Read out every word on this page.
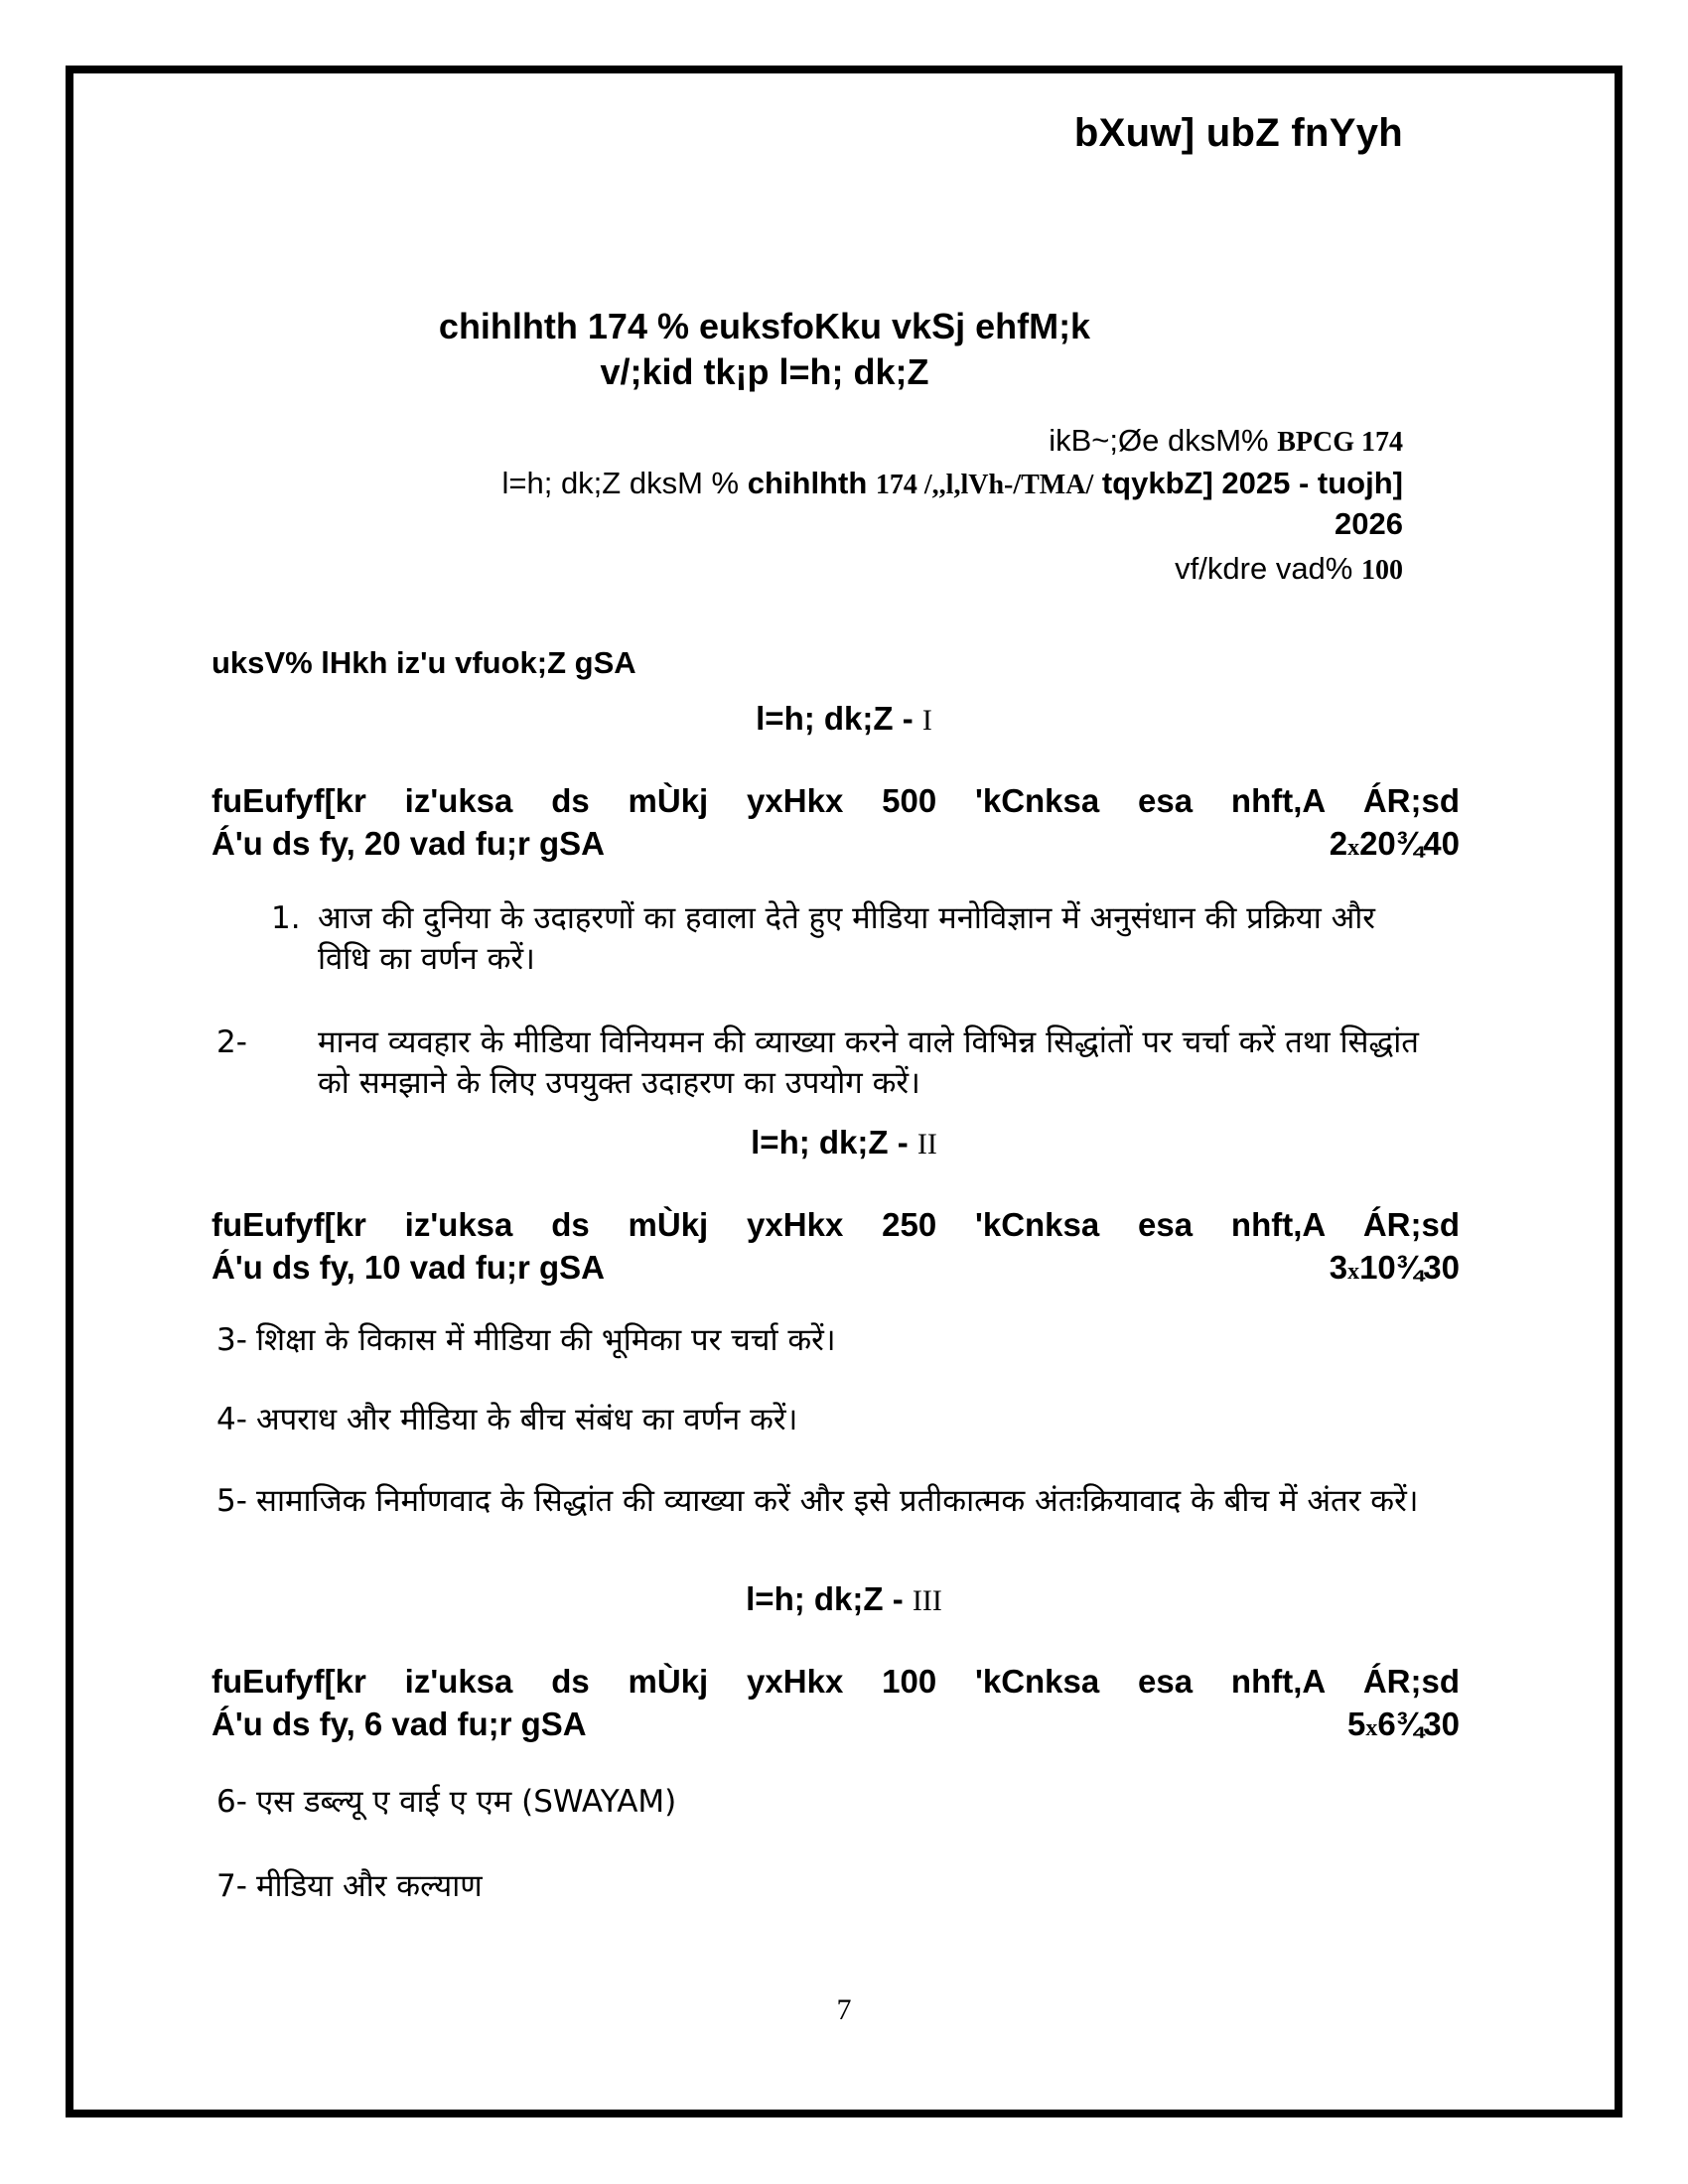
bXuw] ubZ fnYyh
chihlhth 174 % euksfoKku vkSj ehfM;k
v/;kid tk¡p l=h; dk;Z
ikB~;Øe dksM% BPCG 174
l=h; dk;Z dksM % chihlhth 174 /,,l,lVh-/TMA/ tqykbZ] 2025 - tuojh]
2026
vf/kdre vad% 100
uksV% lHkh iz'u vfuok;Z gSA
l=h; dk;Z - I
fuEufyf[kr iz'uksa ds mÙkj yxHkx 500 'kCnksa esa nhft,A ÁR;sd
Á'u ds fy, 20 vad fu;r gSA	2x20¾40
1. आज की दुनिया के उदाहरणों का हवाला देते हुए मीडिया मनोविज्ञान में अनुसंधान की प्रक्रिया और विधि का वर्णन करें।
2- मानव व्यवहार के मीडिया विनियमन की व्याख्या करने वाले विभिन्न सिद्धांतों पर चर्चा करें तथा सिद्धांत को समझाने के लिए उपयुक्त उदाहरण का उपयोग करें।
l=h; dk;Z - II
fuEufyf[kr iz'uksa ds mÙkj yxHkx 250 'kCnksa esa nhft,A ÁR;sd
Á'u ds fy, 10 vad fu;r gSA	3x10¾30
3- शिक्षा के विकास में मीडिया की भूमिका पर चर्चा करें।
4- अपराध और मीडिया के बीच संबंध का वर्णन करें।
5- सामाजिक निर्माणवाद के सिद्धांत की व्याख्या करें और इसे प्रतीकात्मक अंतःक्रियावाद के बीच में अंतर करें।
l=h; dk;Z - III
fuEufyf[kr iz'uksa ds mÙkj yxHkx 100 'kCnksa esa nhft,A ÁR;sd
Á'u ds fy, 6 vad fu;r gSA	5x6¾30
6- एस डब्ल्यू ए वाई ए एम (SWAYAM)
7- मीडिया और कल्याण
7
